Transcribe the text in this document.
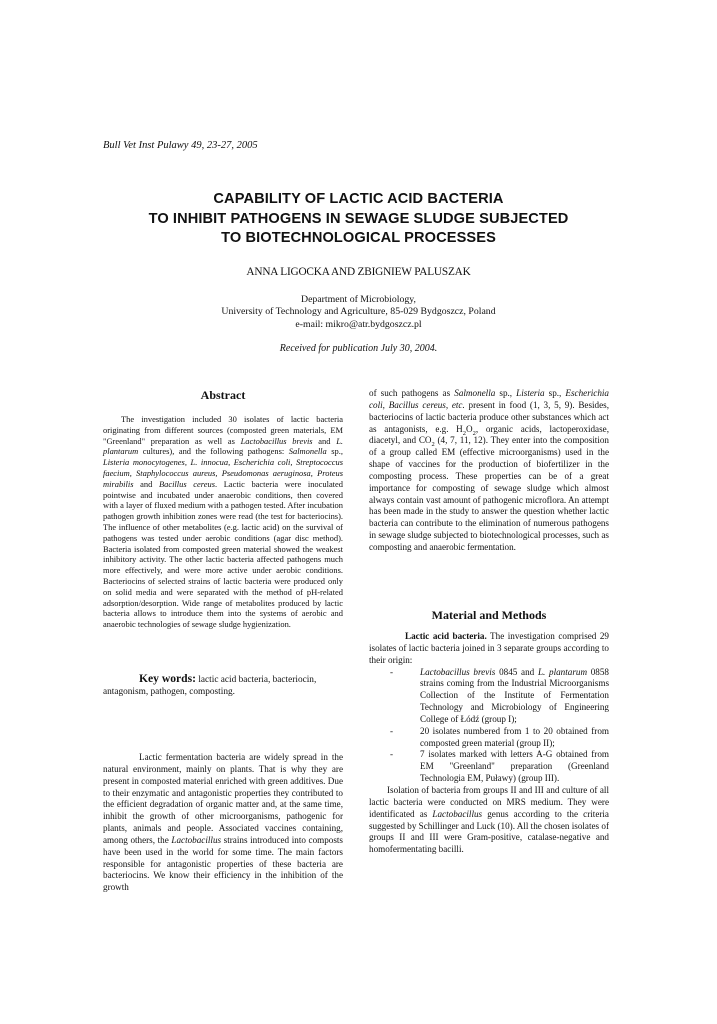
Bull Vet Inst Pulawy 49, 23-27, 2005
CAPABILITY OF LACTIC ACID BACTERIA
TO INHIBIT PATHOGENS IN SEWAGE SLUDGE SUBJECTED
TO BIOTECHNOLOGICAL PROCESSES
ANNA LIGOCKA AND ZBIGNIEW PALUSZAK
Department of Microbiology,
University of Technology and Agriculture, 85-029 Bydgoszcz, Poland
e-mail: mikro@atr.bydgoszcz.pl
Received for publication July 30, 2004.
Abstract

The investigation included 30 isolates of lactic bacteria originating from different sources (composted green materials, EM "Greenland" preparation as well as Lactobacillus brevis and L. plantarum cultures), and the following pathogens: Salmonella sp., Listeria monocytogenes, L. innocua, Escherichia coli, Streptococcus faecium, Staphylococcus aureus, Pseudomonas aeruginosa, Proteus mirabilis and Bacillus cereus. Lactic bacteria were inoculated pointwise and incubated under anaerobic conditions, then covered with a layer of fluxed medium with a pathogen tested. After incubation pathogen growth inhibition zones were read (the test for bacteriocins). The influence of other metabolites (e.g. lactic acid) on the survival of pathogens was tested under aerobic conditions (agar disc method). Bacteria isolated from composted green material showed the weakest inhibitory activity. The other lactic bacteria affected pathogens much more effectively, and were more active under aerobic conditions. Bacteriocins of selected strains of lactic bacteria were produced only on solid media and were separated with the method of pH-related adsorption/desorption. Wide range of metabolites produced by lactic bacteria allows to introduce them into the systems of aerobic and anaerobic technologies of sewage sludge hygienization.

Key words: lactic acid bacteria, bacteriocin, antagonism, pathogen, composting.

Lactic fermentation bacteria are widely spread in the natural environment, mainly on plants. That is why they are present in composted material enriched with green additives. Due to their enzymatic and antagonistic properties they contributed to the efficient degradation of organic matter and, at the same time, inhibit the growth of other microorganisms, pathogenic for plants, animals and people. Associated vaccines containing, among others, the Lactobacillus strains introduced into composts have been used in the world for some time. The main factors responsible for antagonistic properties of these bacteria are bacteriocins. We know their efficiency in the inhibition of the growth

of such pathogens as Salmonella sp., Listeria sp., Escherichia coli, Bacillus cereus, etc. present in food (1, 3, 5, 9). Besides, bacteriocins of lactic bacteria produce other substances which act as antagonists, e.g. $H_2O_2$, organic acids, lactoperoxidase, diacetyl, and $CO_2$ (4, 7, 11, 12). They enter into the composition of a group called EM (effective microorganisms) used in the shape of vaccines for the production of biofertilizer in the composting process. These properties can be of a great importance for composting of sewage sludge which almost always contain vast amount of pathogenic microflora. An attempt has been made in the study to answer the question whether lactic bacteria can contribute to the elimination of numerous pathogens in sewage sludge subjected to biotechnological processes, such as composting and anaerobic fermentation.

Material and Methods

Lactic acid bacteria. The investigation comprised 29 isolates of lactic bacteria joined in 3 separate groups according to their origin:

-	Lactobacillus brevis 0845 and L. plantarum 0858 strains coming from the Industrial Microorganisms Collection of the Institute of Fermentation Technology and Microbiology of Engineering College of Łódź (group I);
-	20 isolates numbered from 1 to 20 obtained from composted green material (group II);
-	7 isolates marked with letters A-G obtained from EM "Greenland" preparation (Greenland Technologia EM, Puławy) (group III).

Isolation of bacteria from groups II and III and culture of all lactic bacteria were conducted on MRS medium. They were identificated as Lactobacillus genus according to the criteria suggested by Schillinger and Luck (10). All the chosen isolates of groups II and III were Gram-positive, catalase-negative and homofermentating bacilli.
